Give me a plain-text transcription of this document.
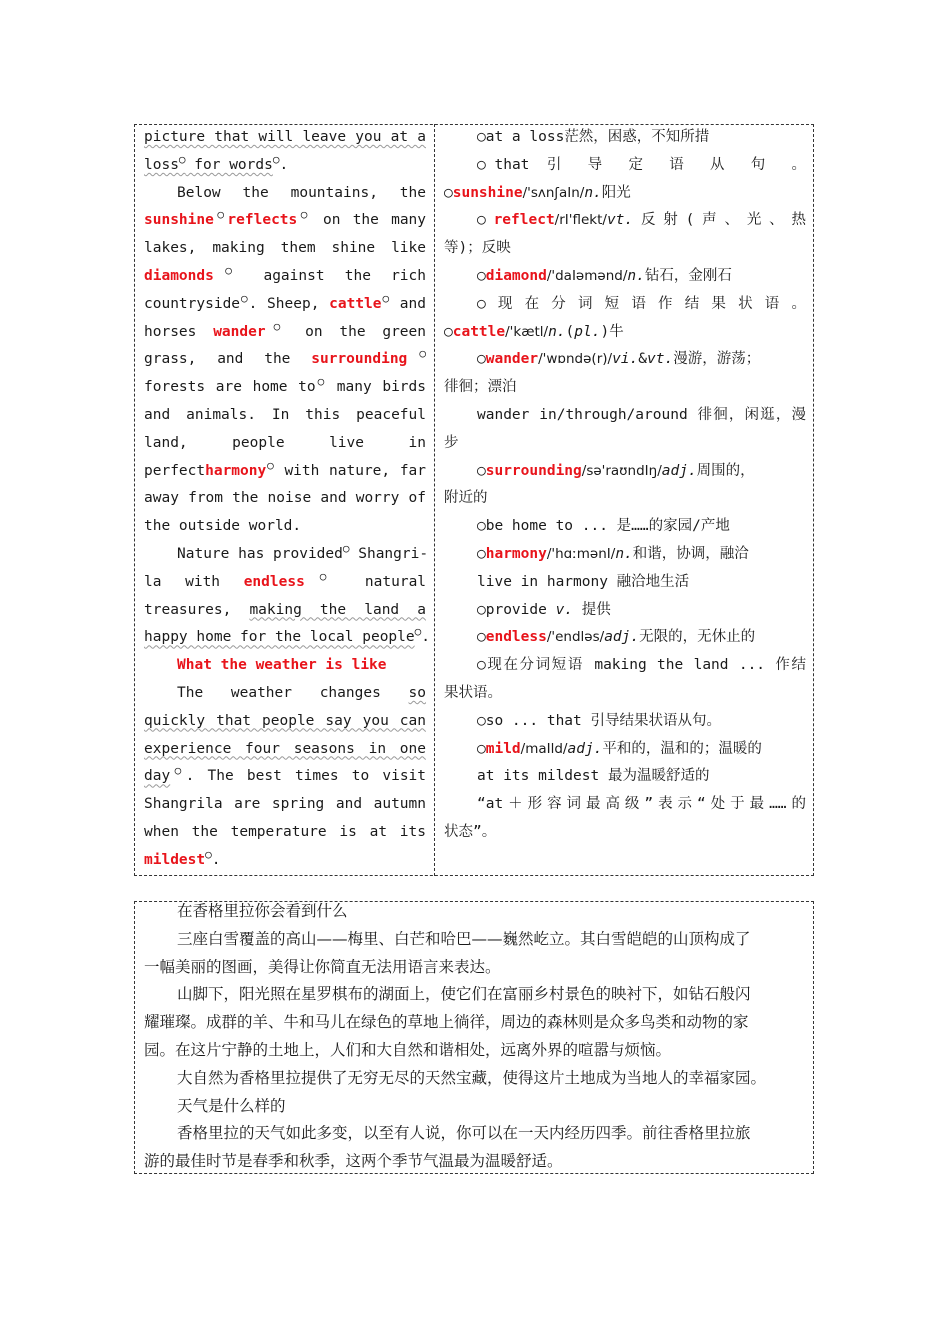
picture that will leave you at a
loss○ for words○.
Below the mountains, the
sunshine○reflects○ on the many
lakes, making them shine like
diamonds○ against the rich
countryside○. Sheep, cattle○ and
horses wander○ on the green
grass, and the surrounding○
forests are home to○ many birds
and animals. In this peaceful
land, people live in
perfectharmony○ with nature, far
away from the noise and worry of
the outside world.
Nature has provided○ Shangri-
la with endless○ natural
treasures, making the land a
happy home for the local people○.
What the weather is like
The weather changes so
quickly that people say you can
experience four seasons in one
day○. The best times to visit
Shangrila are spring and autumn
when the temperature is at its
mildest○.
○at a loss茫然，困惑，不知所措
○that 引 导 定 语 从 句 。
○sunshine/'sʌnʃaIn/n.阳光
○reflect/rI'flekt/vt.反射(声、光、热
等)；反映
○diamond/'daIəmənd/n.钻石，金刚石
○ 现 在 分 词 短 语 作 结 果 状 语 。
○cattle/'kætl/n.(pl.)牛
○wander/'wɒndə(r)/vi.&vt.漫游，游荡；
徘徊；漂泊
wander in/through/around 徘徊，闲逛，漫
步
○surrounding/sə'raʊndIŋ/adj.周围的，
附近的
○be home to ... 是……的家园/产地
○harmony/'hɑːmənI/n.和谐，协调，融洽
live in harmony 融洽地生活
○provide v. 提供
○endless/'endləs/adj.无限的，无休止的
○现在分词短语 making the land ... 作结
果状语。
○so ... that 引导结果状语从句。
○mild/maIld/adj.平和的，温和的；温暖的
at its mildest 最为温暖舒适的
“at＋形容词最高级”表示“处于最……的
状态”。
在香格里拉你会看到什么
三座白雪覆盖的高山——梅里、白芒和哈巴——巍然屹立。其白雪皑皑的山顶构成了
一幅美丽的图画，美得让你简直无法用语言来表达。
山脚下，阳光照在星罗棋布的湖面上，使它们在富丽乡村景色的映衬下，如钻石般闪
耀璀璨。成群的羊、牛和马儿在绿色的草地上徜徉，周边的森林则是众多鸟类和动物的家
园。在这片宁静的土地上，人们和大自然和谐相处，远离外界的喧嚣与烦恼。
大自然为香格里拉提供了无穷无尽的天然宝藏，使得这片土地成为当地人的幸福家园。
天气是什么样的
香格里拉的天气如此多变，以至有人说，你可以在一天内经历四季。前往香格里拉旅
游的最佳时节是春季和秋季，这两个季节气温最为温暖舒适。
